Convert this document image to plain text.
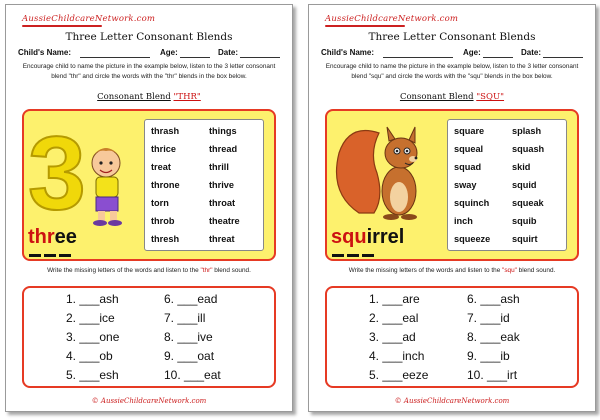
AussieChildcareNetwork.com
Three Letter Consonant Blends
Child's Name:	Age:	Date:
Encourage child to name the picture in the example below, listen to the 3 letter consonant blend "thr" and circle the words with the "thr" blends in the box below.
Consonant Blend "THR"
3
three
thrash	things
thrice	thread
treat	thrill
throne	thrive
torn	throat
throb	theatre
thresh	threat
Write the missing letters of the words and listen to the "thr" blend sound.
1. ___ash	6. ___ead
2. ___ice	7. ___ill
3. ___one	8. ___ive
4. ___ob	9. ___oat
5. ___esh	10. ___eat
© AussieChildcareNetwork.com
AussieChildcareNetwork.com
Three Letter Consonant Blends
Child's Name:	Age:	Date:
Encourage child to name the picture in the example below, listen to the 3 letter consonant blend "squ" and circle the words with the "squ" blends in the box below.
Consonant Blend "SQU"
squirrel
square	splash
squeal	squash
squad	skid
sway	squid
squinch squeak
inch	squib
squeeze squirt
Write the missing letters of the words and listen to the "squ" blend sound.
1. ___are	6. ___ash
2. ___eal	7. ___id
3. ___ad	8. ___eak
4. ___inch	9. ___ib
5. ___eeze	10. ___irt
© AussieChildcareNetwork.com
